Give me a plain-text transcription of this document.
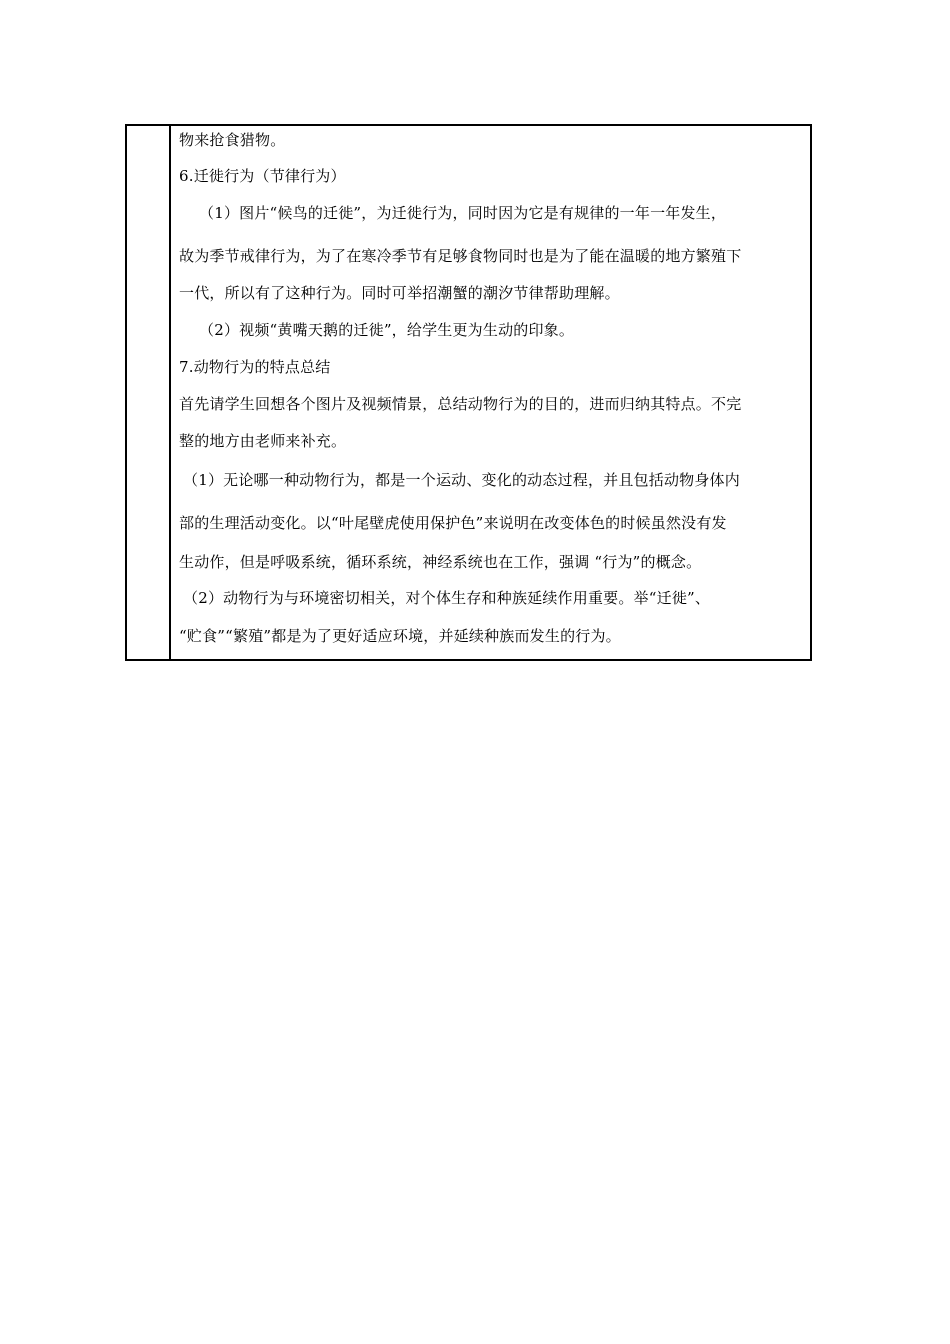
物来抢食猎物。
6.迁徙行为（节律行为）
（1）图片“候鸟的迁徙”，为迁徙行为，同时因为它是有规律的一年一年发生，
故为季节戒律行为，为了在寒冷季节有足够食物同时也是为了能在温暖的地方繁殖下
一代，所以有了这种行为。同时可举招潮蟹的潮汐节律帮助理解。
（2）视频“黄嘴天鹅的迁徙”，给学生更为生动的印象。
7.动物行为的特点总结
首先请学生回想各个图片及视频情景，总结动物行为的目的，进而归纳其特点。不完
整的地方由老师来补充。
（1）无论哪一种动物行为，都是一个运动、变化的动态过程，并且包括动物身体内
部的生理活动变化。以“叶尾壁虎使用保护色”来说明在改变体色的时候虽然没有发
生动作，但是呼吸系统，循环系统，神经系统也在工作，强调 “行为”的概念。
（2）动物行为与环境密切相关，对个体生存和种族延续作用重要。举“迁徙”、
“贮食”“繁殖”都是为了更好适应环境，并延续种族而发生的行为。
